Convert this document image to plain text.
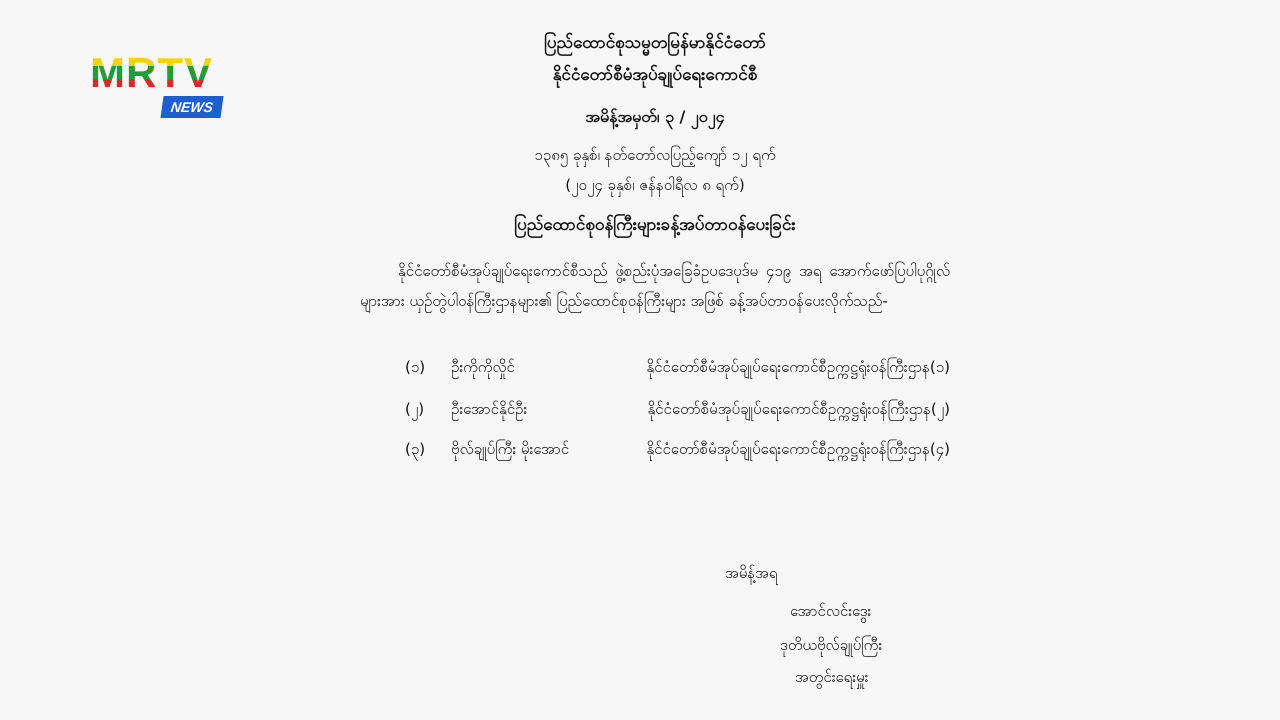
MRTV
NEWS
ပြည်ထောင်စုသမ္မတမြန်မာနိုင်ငံတော်
နိုင်ငံတော်စီမံအုပ်ချုပ်ရေးကောင်စီ
အမိန့်အမှတ်၊ ၃ / ၂၀၂၄
၁၃၈၅ ခုနှစ်၊ နတ်တော်လပြည့်ကျော် ၁၂ ရက်
(၂၀၂၄ ခုနှစ်၊ ဇန်နဝါရီလ ၈ ရက်)
ပြည်ထောင်စုဝန်ကြီးများခန့်အပ်တာဝန်ပေးခြင်း
နိုင်ငံတော်စီမံအုပ်ချုပ်ရေးကောင်စီသည် ဖွဲ့စည်းပုံအခြေခံဥပဒေပုဒ်မ ၄၁၉ အရ အောက်ဖော်ပြပါပုဂ္ဂိုလ်များအား ယှဉ်တွဲပါဝန်ကြီးဌာနများ၏ ပြည်ထောင်စုဝန်ကြီးများ အဖြစ် ခန့်အပ်တာဝန်ပေးလိုက်သည်-
(၁) ဦးကိုကိုလှိုင်	နိုင်ငံတော်စီမံအုပ်ချုပ်ရေးကောင်စီဥက္ကဋ္ဌရုံးဝန်ကြီးဌာန(၁)
(၂) ဦးအောင်နိုင်ဦး	နိုင်ငံတော်စီမံအုပ်ချုပ်ရေးကောင်စီဥက္ကဋ္ဌရုံးဝန်ကြီးဌာန(၂)
(၃) ဗိုလ်ချုပ်ကြီး မိုးအောင်	နိုင်ငံတော်စီမံအုပ်ချုပ်ရေးကောင်စီဥက္ကဋ္ဌရုံးဝန်ကြီးဌာန(၄)
အမိန့်အရ
အောင်လင်းဒွေး
ဒုတိယဗိုလ်ချုပ်ကြီး
အတွင်းရေးမှူး
